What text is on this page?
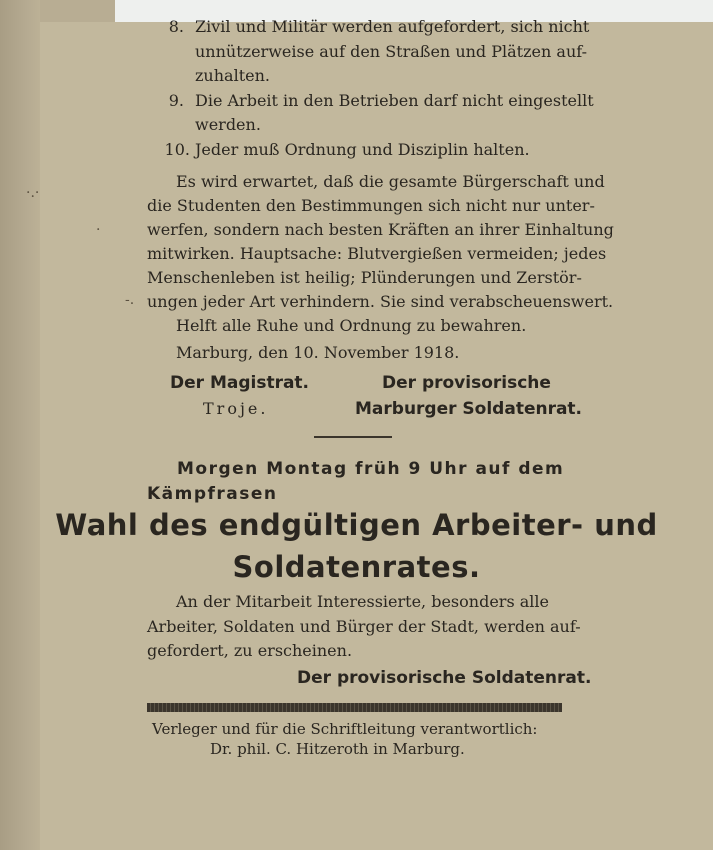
8. Zivil und Militär werden aufgefordert, sich nicht
unnützerweise auf den Straßen und Plätzen auf-
zuhalten.
9. Die Arbeit in den Betrieben darf nicht eingestellt
werden.
10. Jeder muß Ordnung und Disziplin halten.
Es wird erwartet, daß die gesamte Bürgerschaft und
die Studenten den Bestimmungen sich nicht nur unter-
werfen, sondern nach besten Kräften an ihrer Einhaltung
mitwirken. Hauptsache: Blutvergießen vermeiden; jedes
Menschenleben ist heilig; Plünderungen und Zerstör-
ungen jeder Art verhindern. Sie sind verabscheuenswert.
Helft alle Ruhe und Ordnung zu bewahren.
Marburg, den 10. November 1918.
Der Magistrat.
Troje.
Der provisorische
Marburger Soldatenrat.
Morgen Montag früh 9 Uhr auf dem
Kämpfrasen
Wahl des endgültigen Arbeiter- und
Soldatenrates.
An der Mitarbeit Interessierte, besonders alle
Arbeiter, Soldaten und Bürger der Stadt, werden auf-
gefordert, zu erscheinen.
Der provisorische Soldatenrat.
Verleger und für die Schriftleitung verantwortlich:
Dr. phil. C. Hitzeroth in Marburg.
·.·
-.
·
